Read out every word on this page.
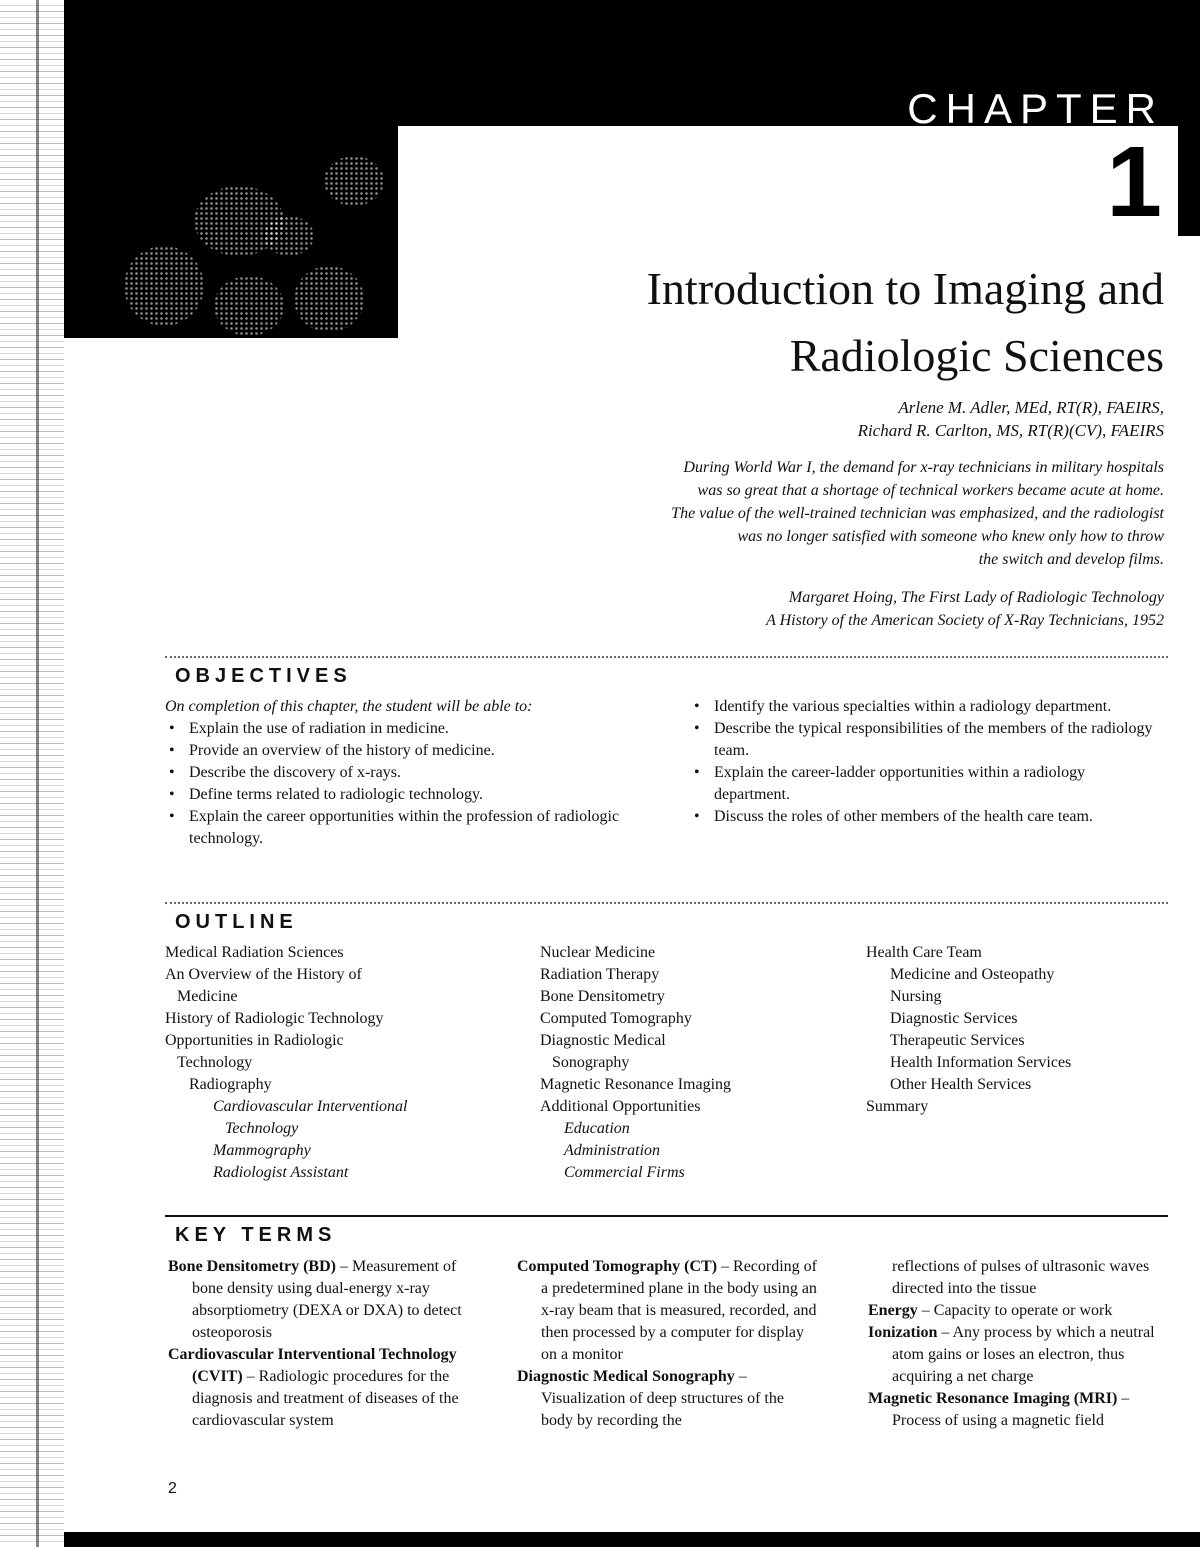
CHAPTER
1
Introduction to Imaging and
Radiologic Sciences
Arlene M. Adler, MEd, RT(R), FAEIRS,
Richard R. Carlton, MS, RT(R)(CV), FAEIRS
During World War I, the demand for x-ray technicians in military hospitals
was so great that a shortage of technical workers became acute at home.
The value of the well-trained technician was emphasized, and the radiologist
was no longer satisfied with someone who knew only how to throw
the switch and develop films.
Margaret Hoing, The First Lady of Radiologic Technology
A History of the American Society of X-Ray Technicians, 1952
OBJECTIVES
On completion of this chapter, the student will be able to:
• Explain the use of radiation in medicine.
• Provide an overview of the history of medicine.
• Describe the discovery of x-rays.
• Define terms related to radiologic technology.
• Explain the career opportunities within the profession of radiologic technology.
• Identify the various specialties within a radiology department.
• Describe the typical responsibilities of the members of the radiology team.
• Explain the career-ladder opportunities within a radiology department.
• Discuss the roles of other members of the health care team.
OUTLINE
Medical Radiation Sciences
An Overview of the History of
Medicine
History of Radiologic Technology
Opportunities in Radiologic
Technology
Radiography
Cardiovascular Interventional
Technology
Mammography
Radiologist Assistant
Nuclear Medicine
Radiation Therapy
Bone Densitometry
Computed Tomography
Diagnostic Medical
Sonography
Magnetic Resonance Imaging
Additional Opportunities
Education
Administration
Commercial Firms
Health Care Team
Medicine and Osteopathy
Nursing
Diagnostic Services
Therapeutic Services
Health Information Services
Other Health Services
Summary
KEY TERMS
Bone Densitometry (BD) – Measurement of bone density using dual-energy x-ray absorptiometry (DEXA or DXA) to detect osteoporosis
Cardiovascular Interventional Technology (CVIT) – Radiologic procedures for the diagnosis and treatment of diseases of the cardiovascular system
Computed Tomography (CT) – Recording of a predetermined plane in the body using an x-ray beam that is measured, recorded, and then processed by a computer for display on a monitor
Diagnostic Medical Sonography – Visualization of deep structures of the body by recording the
reflections of pulses of ultrasonic waves directed into the tissue
Energy – Capacity to operate or work
Ionization – Any process by which a neutral atom gains or loses an electron, thus acquiring a net charge
Magnetic Resonance Imaging (MRI) – Process of using a magnetic field
2
